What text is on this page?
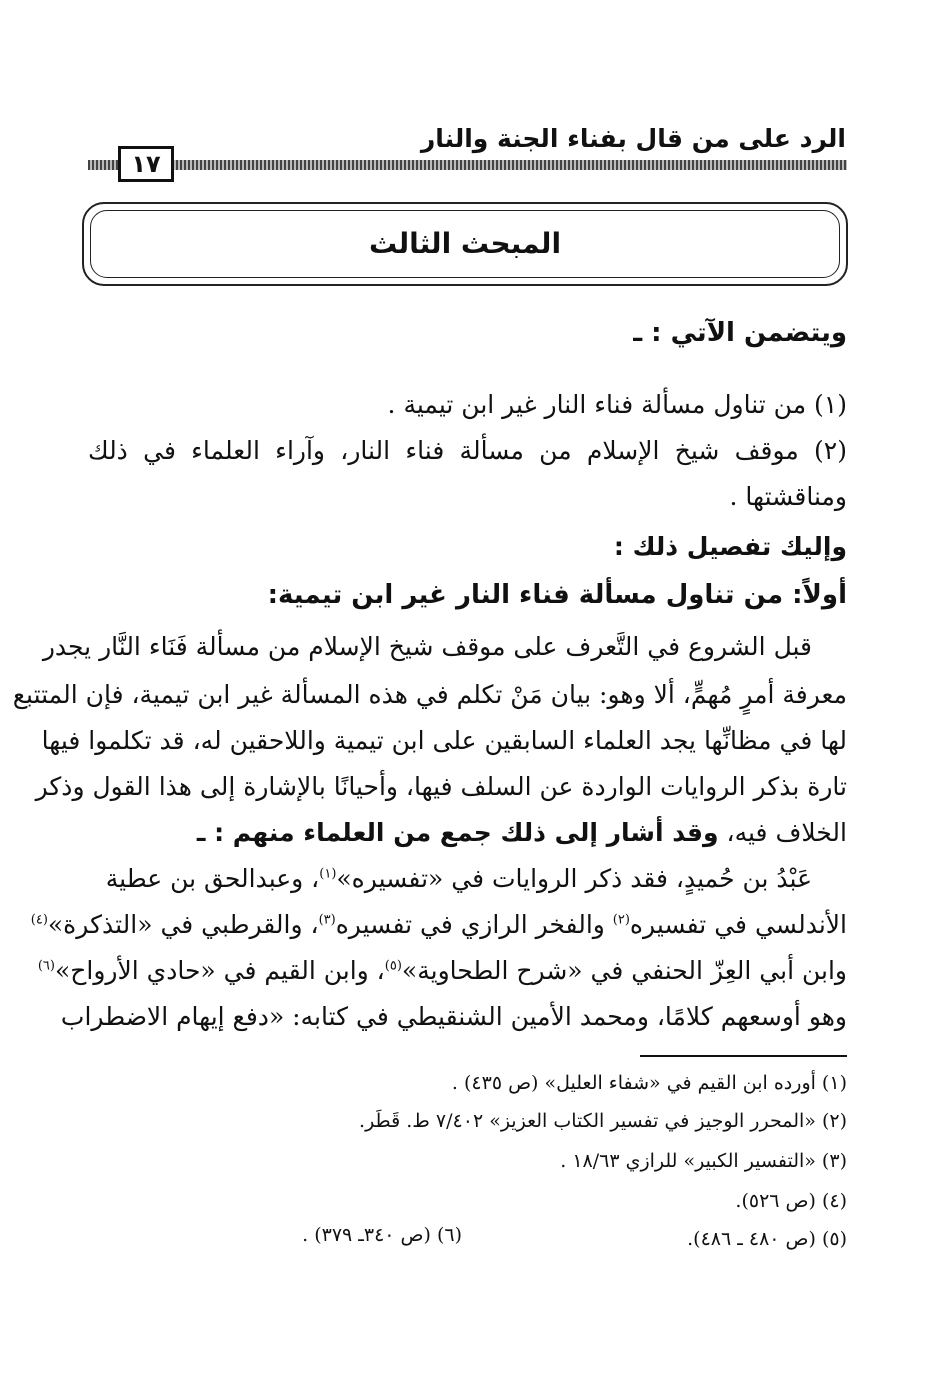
الرد على من قال بفناء الجنة والنار
١٧
المبحث الثالث
ويتضمن الآتي : ـ
(١) من تناول مسألة فناء النار غير ابن تيمية .
(٢) موقف شيخ الإسلام من مسألة فناء النار، وآراء العلماء في ذلك
ومناقشتها .
وإليك تفصيل ذلك :
أولاً: من تناول مسألة فناء النار غير ابن تيمية:
قبل الشروع في التَّعرف على موقف شيخ الإسلام من مسألة فَنَاء النَّار يجدر
معرفة أمرٍ مُهمٍّ، ألا وهو: بيان مَنْ تكلم في هذه المسألة غير ابن تيمية، فإن المتتبع
لها في مظانِّها يجد العلماء السابقين على ابن تيمية واللاحقين له، قد تكلموا فيها
تارة بذكر الروايات الواردة عن السلف فيها، وأحيانًا بالإشارة إلى هذا القول وذكر
الخلاف فيه، وقد أشار إلى ذلك جمع من العلماء منهم : ـ
عَبْدُ بن حُميدٍ، فقد ذكر الروايات في «تفسيره»$^{(١)}$، وعبدالحق بن عطية
الأندلسي في تفسيره$^{(٢)}$ والفخر الرازي في تفسيره$^{(٣)}$، والقرطبي في «التذكرة»$^{(٤)}$
وابن أبي العِزّ الحنفي في «شرح الطحاوية»$^{(٥)}$، وابن القيم في «حادي الأرواح»$^{(٦)}$
وهو أوسعهم كلامًا، ومحمد الأمين الشنقيطي في كتابه: «دفع إيهام الاضطراب
(١) أورده ابن القيم في «شفاء العليل» (ص ٤٣٥) .
(٢) «المحرر الوجيز في تفسير الكتاب العزيز» ٧/٤٠٢ ط. قَطَر.
(٣) «التفسير الكبير» للرازي ١٨/٦٣ .
(٤) (ص ٥٢٦).
(٥) (ص ٤٨٠ ـ ٤٨٦).
(٦) (ص ٣٤٠ـ ٣٧٩) .
